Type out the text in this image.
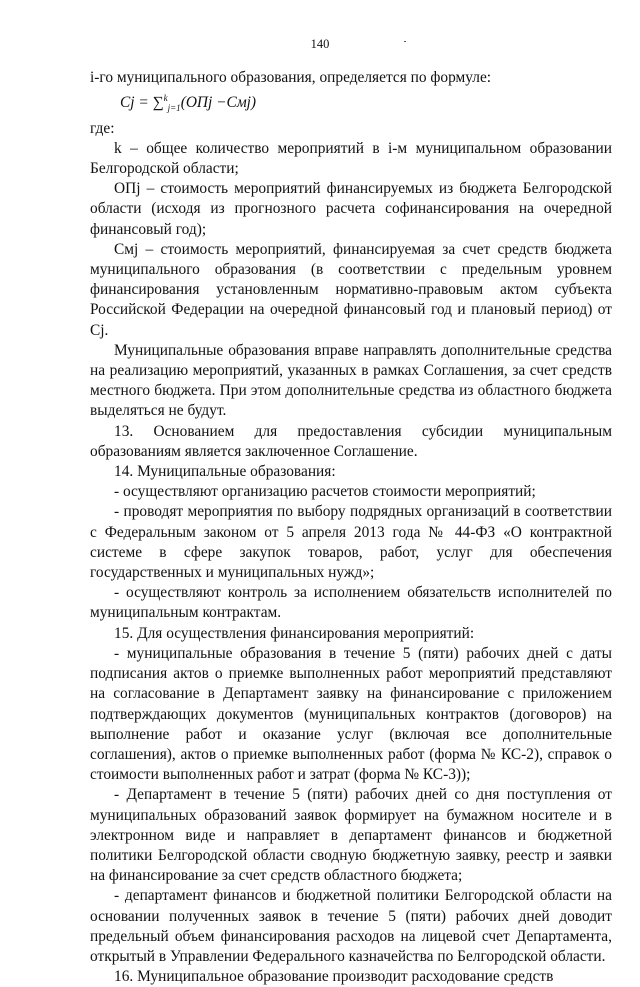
140

i-го муниципального образования, определяется по формуле:

Cj = ∑$^k_{j=1}$(ОПj −Смj)

где:

k – общее количество мероприятий в i-м муниципальном образовании Белгородской области;

ОПj – стоимость мероприятий финансируемых из бюджета Белгородской области (исходя из прогнозного расчета софинансирования на очередной финансовый год);

Смj – стоимость мероприятий, финансируемая за счет средств бюджета муниципального образования (в соответствии с предельным уровнем финансирования установленным нормативно-правовым актом субъекта Российской Федерации на очередной финансовый год и плановый период) от Cj.

Муниципальные образования вправе направлять дополнительные средства на реализацию мероприятий, указанных в рамках Соглашения, за счет средств местного бюджета. При этом дополнительные средства из областного бюджета выделяться не будут.

13. Основанием для предоставления субсидии муниципальным образованиям является заключенное Соглашение.

14. Муниципальные образования:

- осуществляют организацию расчетов стоимости мероприятий;

- проводят мероприятия по выбору подрядных организаций в соответствии с Федеральным законом от 5 апреля 2013 года № 44-ФЗ «О контрактной системе в сфере закупок товаров, работ, услуг для обеспечения государственных и муниципальных нужд»;

- осуществляют контроль за исполнением обязательств исполнителей по муниципальным контрактам.

15. Для осуществления финансирования мероприятий:

- муниципальные образования в течение 5 (пяти) рабочих дней с даты подписания актов о приемке выполненных работ мероприятий представляют на согласование в Департамент заявку на финансирование с приложением подтверждающих документов (муниципальных контрактов (договоров) на выполнение работ и оказание услуг (включая все дополнительные соглашения), актов о приемке выполненных работ (форма № КС-2), справок о стоимости выполненных работ и затрат (форма № КС-3));

- Департамент в течение 5 (пяти) рабочих дней со дня поступления от муниципальных образований заявок формирует на бумажном носителе и в электронном виде и направляет в департамент финансов и бюджетной политики Белгородской области сводную бюджетную заявку, реестр и заявки на финансирование за счет средств областного бюджета;

- департамент финансов и бюджетной политики Белгородской области на основании полученных заявок в течение 5 (пяти) рабочих дней доводит предельный объем финансирования расходов на лицевой счет Департамента, открытый в Управлении Федерального казначейства по Белгородской области.

16. Муниципальное образование производит расходование средств
